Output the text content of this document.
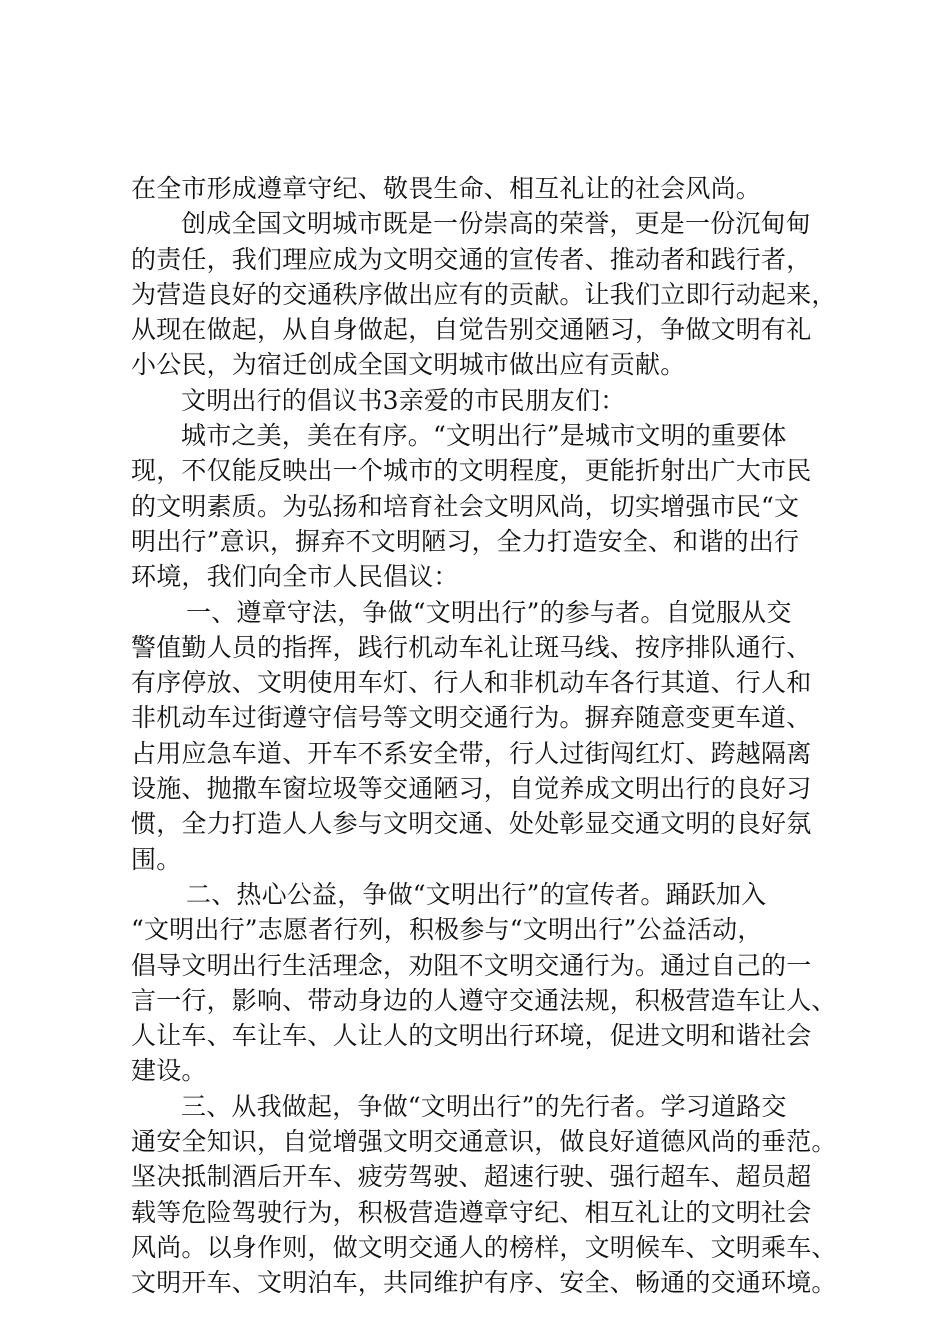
在全市形成遵章守纪、敬畏生命、相互礼让的社会风尚。
创成全国文明城市既是一份崇高的荣誉，更是一份沉甸甸
的责任，我们理应成为文明交通的宣传者、推动者和践行者，
为营造良好的交通秩序做出应有的贡献。让我们立即行动起来，
从现在做起，从自身做起，自觉告别交通陋习，争做文明有礼
小公民，为宿迁创成全国文明城市做出应有贡献。
文明出行的倡议书3亲爱的市民朋友们：
城市之美，美在有序。“文明出行”是城市文明的重要体
现，不仅能反映出一个城市的文明程度，更能折射出广大市民
的文明素质。为弘扬和培育社会文明风尚，切实增强市民“文
明出行”意识，摒弃不文明陋习，全力打造安全、和谐的出行
环境，我们向全市人民倡议：
一、遵章守法，争做“文明出行”的参与者。自觉服从交
警值勤人员的指挥，践行机动车礼让斑马线、按序排队通行、
有序停放、文明使用车灯、行人和非机动车各行其道、行人和
非机动车过街遵守信号等文明交通行为。摒弃随意变更车道、
占用应急车道、开车不系安全带，行人过街闯红灯、跨越隔离
设施、抛撒车窗垃圾等交通陋习，自觉养成文明出行的良好习
惯，全力打造人人参与文明交通、处处彰显交通文明的良好氛
围。
二、热心公益，争做“文明出行”的宣传者。踊跃加入
“文明出行”志愿者行列，积极参与“文明出行”公益活动，
倡导文明出行生活理念，劝阻不文明交通行为。通过自己的一
言一行，影响、带动身边的人遵守交通法规，积极营造车让人、
人让车、车让车、人让人的文明出行环境，促进文明和谐社会
建设。
三、从我做起，争做“文明出行”的先行者。学习道路交
通安全知识，自觉增强文明交通意识，做良好道德风尚的垂范。
坚决抵制酒后开车、疲劳驾驶、超速行驶、强行超车、超员超
载等危险驾驶行为，积极营造遵章守纪、相互礼让的文明社会
风尚。以身作则，做文明交通人的榜样，文明候车、文明乘车、
文明开车、文明泊车，共同维护有序、安全、畅通的交通环境。
